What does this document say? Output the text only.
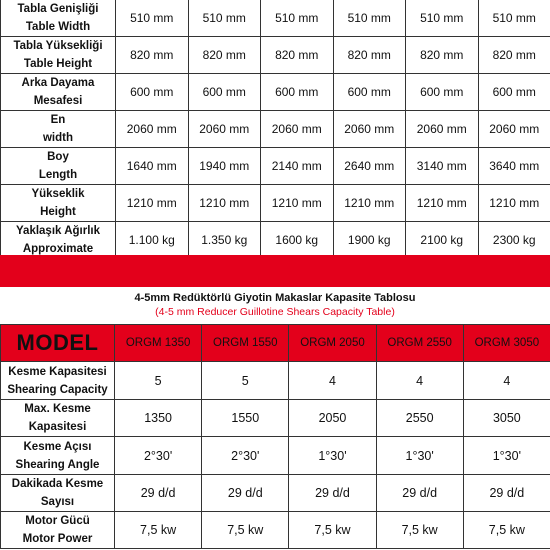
Tabla Genişliği
Table Width	510 mm	510 mm	510 mm	510 mm	510 mm	510 mm

Tabla Yüksekliği
Table Height	820 mm	820 mm	820 mm	820 mm	820 mm	820 mm

Arka Dayama
Mesafesi	600 mm	600 mm	600 mm	600 mm	600 mm	600 mm

En
width	2060 mm	2060 mm	2060 mm	2060 mm	2060 mm	2060 mm

Boy
Length	1640 mm	1940 mm	2140 mm	2640 mm	3140 mm	3640 mm

Yükseklik
Height	1210 mm	1210 mm	1210 mm	1210 mm	1210 mm	1210 mm

Yaklaşık Ağırlık
Approximate	1.100 kg	1.350 kg	1600 kg	1900 kg	2100 kg	2300 kg
4-5mm Redüktörlü Giyotin Makaslar Kapasite Tablosu
(4-5 mm Reducer Guillotine Shears Capacity Table)
MODEL	ORGM 1350	ORGM 1550	ORGM 2050	ORGM 2550	ORGM 3050

Kesme Kapasitesi
Shearing Capacity	5	5	4	4	4

Max. Kesme
Kapasitesi	1350	1550	2050	2550	3050

Kesme Açısı
Shearing Angle	2°30'	2°30'	1°30'	1°30'	1°30'

Dakikada Kesme
Sayısı	29 d/d	29 d/d	29 d/d	29 d/d	29 d/d

Motor Gücü
Motor Power	7,5 kw	7,5 kw	7,5 kw	7,5 kw	7,5 kw
